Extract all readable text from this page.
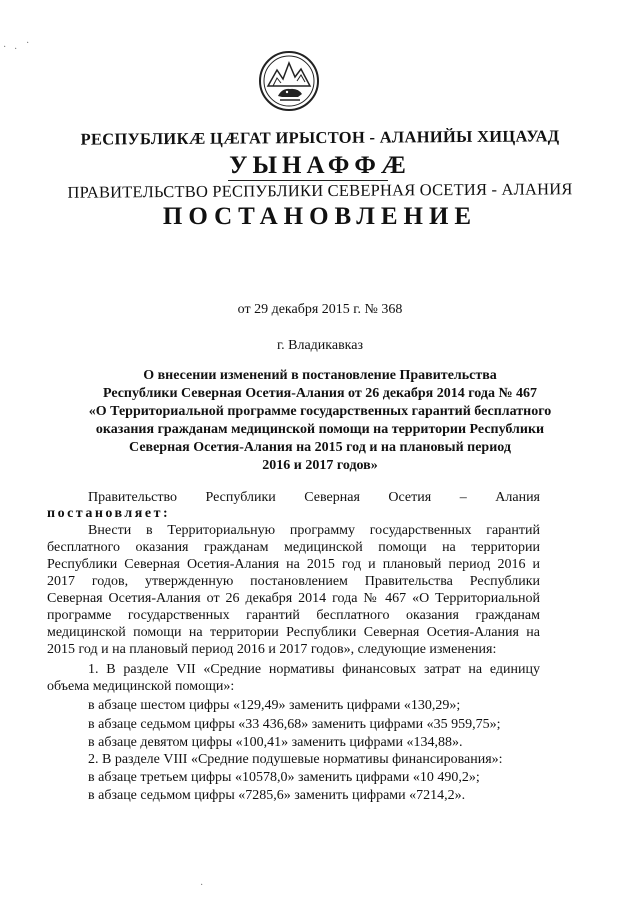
РЕСПУБЛИКӔ ЦӔГАТ ИРЫСТОН - АЛАНИЙЫ ХИЦАУАД
УЫНАФФӔ
ПРАВИТЕЛЬСТВО РЕСПУБЛИКИ СЕВЕРНАЯ ОСЕТИЯ - АЛАНИЯ
ПОСТАНОВЛЕНИЕ
от 29 декабря 2015 г. № 368
г. Владикавказ
О внесении изменений в постановление Правительства
Республики Северная Осетия-Алания от 26 декабря 2014 года № 467
«О Территориальной программе государственных гарантий бесплатного
оказания гражданам медицинской помощи на территории Республики
Северная Осетия-Алания на 2015 год и на плановый период
2016 и 2017 годов»
Правительство Республики Северная Осетия – Алания
постановляет:
Внести в Территориальную программу государственных гарантий
бесплатного оказания гражданам медицинской помощи на территории
Республики Северная Осетия-Алания на 2015 год и плановый период 2016 и
2017 годов, утвержденную постановлением Правительства Республики
Северная Осетия-Алания от 26 декабря 2014 года № 467 «О Территориальной
программе государственных гарантий бесплатного оказания гражданам
медицинской помощи на территории Республики Северная Осетия-Алания на
2015 год и на плановый период 2016 и 2017 годов», следующие изменения:
1. В разделе VII «Средние нормативы финансовых затрат на единицу
объема медицинской помощи»:
в абзаце шестом цифры «129,49» заменить цифрами «130,29»;
в абзаце седьмом цифры «33 436,68» заменить цифрами «35 959,75»;
в абзаце девятом цифры «100,41» заменить цифрами «134,88».
2. В разделе VIII «Средние подушевые нормативы финансирования»:
в абзаце третьем цифры «10578,0» заменить цифрами «10 490,2»;
в абзаце седьмом цифры «7285,6» заменить цифрами «7214,2».
· ·
·
·
